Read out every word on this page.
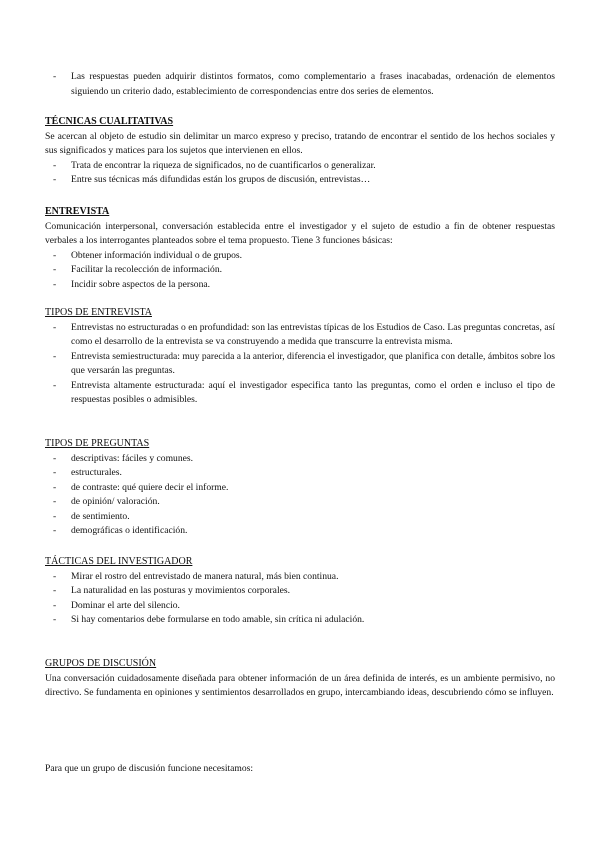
- Las respuestas pueden adquirir distintos formatos, como complementario a frases inacabadas, ordenación de elementos siguiendo un criterio dado, establecimiento de correspondencias entre dos series de elementos.
TÉCNICAS CUALITATIVAS
Se acercan al objeto de estudio sin delimitar un marco expreso y preciso, tratando de encontrar el sentido de los hechos sociales y sus significados y matices para los sujetos que intervienen en ellos.
- Trata de encontrar la riqueza de significados, no de cuantificarlos o generalizar.
- Entre sus técnicas más difundidas están los grupos de discusión, entrevistas…
ENTREVISTA
Comunicación interpersonal, conversación establecida entre el investigador y el sujeto de estudio a fin de obtener respuestas verbales a los interrogantes planteados sobre el tema propuesto. Tiene 3 funciones básicas:
- Obtener información individual o de grupos.
- Facilitar la recolección de información.
- Incidir sobre aspectos de la persona.
TIPOS DE ENTREVISTA
- Entrevistas no estructuradas o en profundidad: son las entrevistas típicas de los Estudios de Caso. Las preguntas concretas, así como el desarrollo de la entrevista se va construyendo a medida que transcurre la entrevista misma.
- Entrevista semiestructurada: muy parecida a la anterior, diferencia el investigador, que planifica con detalle, ámbitos sobre los que versarán las preguntas.
- Entrevista altamente estructurada: aquí el investigador especifica tanto las preguntas, como el orden e incluso el tipo de respuestas posibles o admisibles.
TIPOS DE PREGUNTAS
- descriptivas: fáciles y comunes.
- estructurales.
- de contraste: qué quiere decir el informe.
- de opinión/ valoración.
- de sentimiento.
- demográficas o identificación.
TÁCTICAS DEL INVESTIGADOR
- Mirar el rostro del entrevistado de manera natural, más bien continua.
- La naturalidad en las posturas y movimientos corporales.
- Dominar el arte del silencio.
- Si hay comentarios debe formularse en todo amable, sin crítica ni adulación.
GRUPOS DE DISCUSIÓN
Una conversación cuidadosamente diseñada para obtener información de un área definida de interés, es un ambiente permisivo, no directivo. Se fundamenta en opiniones y sentimientos desarrollados en grupo, intercambiando ideas, descubriendo cómo se influyen.
Para que un grupo de discusión funcione necesitamos:
